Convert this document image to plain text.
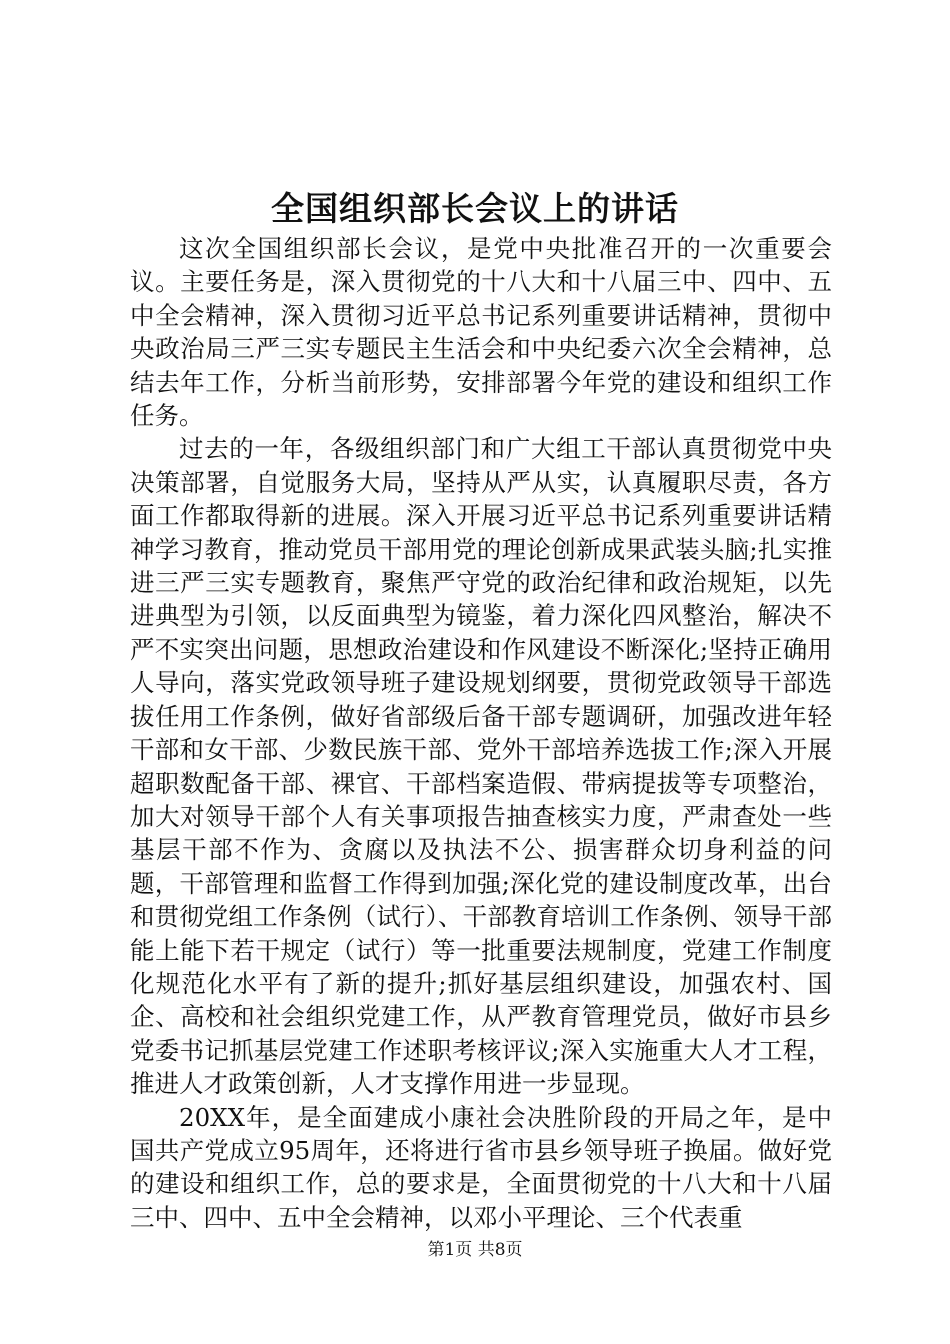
全国组织部长会议上的讲话

这次全国组织部长会议，是党中央批准召开的一次重要会议。主要任务是，深入贯彻党的十八大和十八届三中、四中、五中全会精神，深入贯彻习近平总书记系列重要讲话精神，贯彻中央政治局三严三实专题民主生活会和中央纪委六次全会精神，总结去年工作，分析当前形势，安排部署今年党的建设和组织工作任务。

过去的一年，各级组织部门和广大组工干部认真贯彻党中央决策部署，自觉服务大局，坚持从严从实，认真履职尽责，各方面工作都取得新的进展。深入开展习近平总书记系列重要讲话精神学习教育，推动党员干部用党的理论创新成果武装头脑;扎实推进三严三实专题教育，聚焦严守党的政治纪律和政治规矩，以先进典型为引领，以反面典型为镜鉴，着力深化四风整治，解决不严不实突出问题，思想政治建设和作风建设不断深化;坚持正确用人导向，落实党政领导班子建设规划纲要，贯彻党政领导干部选拔任用工作条例，做好省部级后备干部专题调研，加强改进年轻干部和女干部、少数民族干部、党外干部培养选拔工作;深入开展超职数配备干部、裸官、干部档案造假、带病提拔等专项整治，加大对领导干部个人有关事项报告抽查核实力度，严肃查处一些基层干部不作为、贪腐以及执法不公、损害群众切身利益的问题，干部管理和监督工作得到加强;深化党的建设制度改革，出台和贯彻党组工作条例（试行）、干部教育培训工作条例、领导干部能上能下若干规定（试行）等一批重要法规制度，党建工作制度化规范化水平有了新的提升;抓好基层组织建设，加强农村、国企、高校和社会组织党建工作，从严教育管理党员，做好市县乡党委书记抓基层党建工作述职考核评议;深入实施重大人才工程，推进人才政策创新，人才支撑作用进一步显现。

20XX年，是全面建成小康社会决胜阶段的开局之年，是中国共产党成立95周年，还将进行省市县乡领导班子换届。做好党的建设和组织工作，总的要求是，全面贯彻党的十八大和十八届三中、四中、五中全会精神，以邓小平理论、三个代表重

第1页 共8页
